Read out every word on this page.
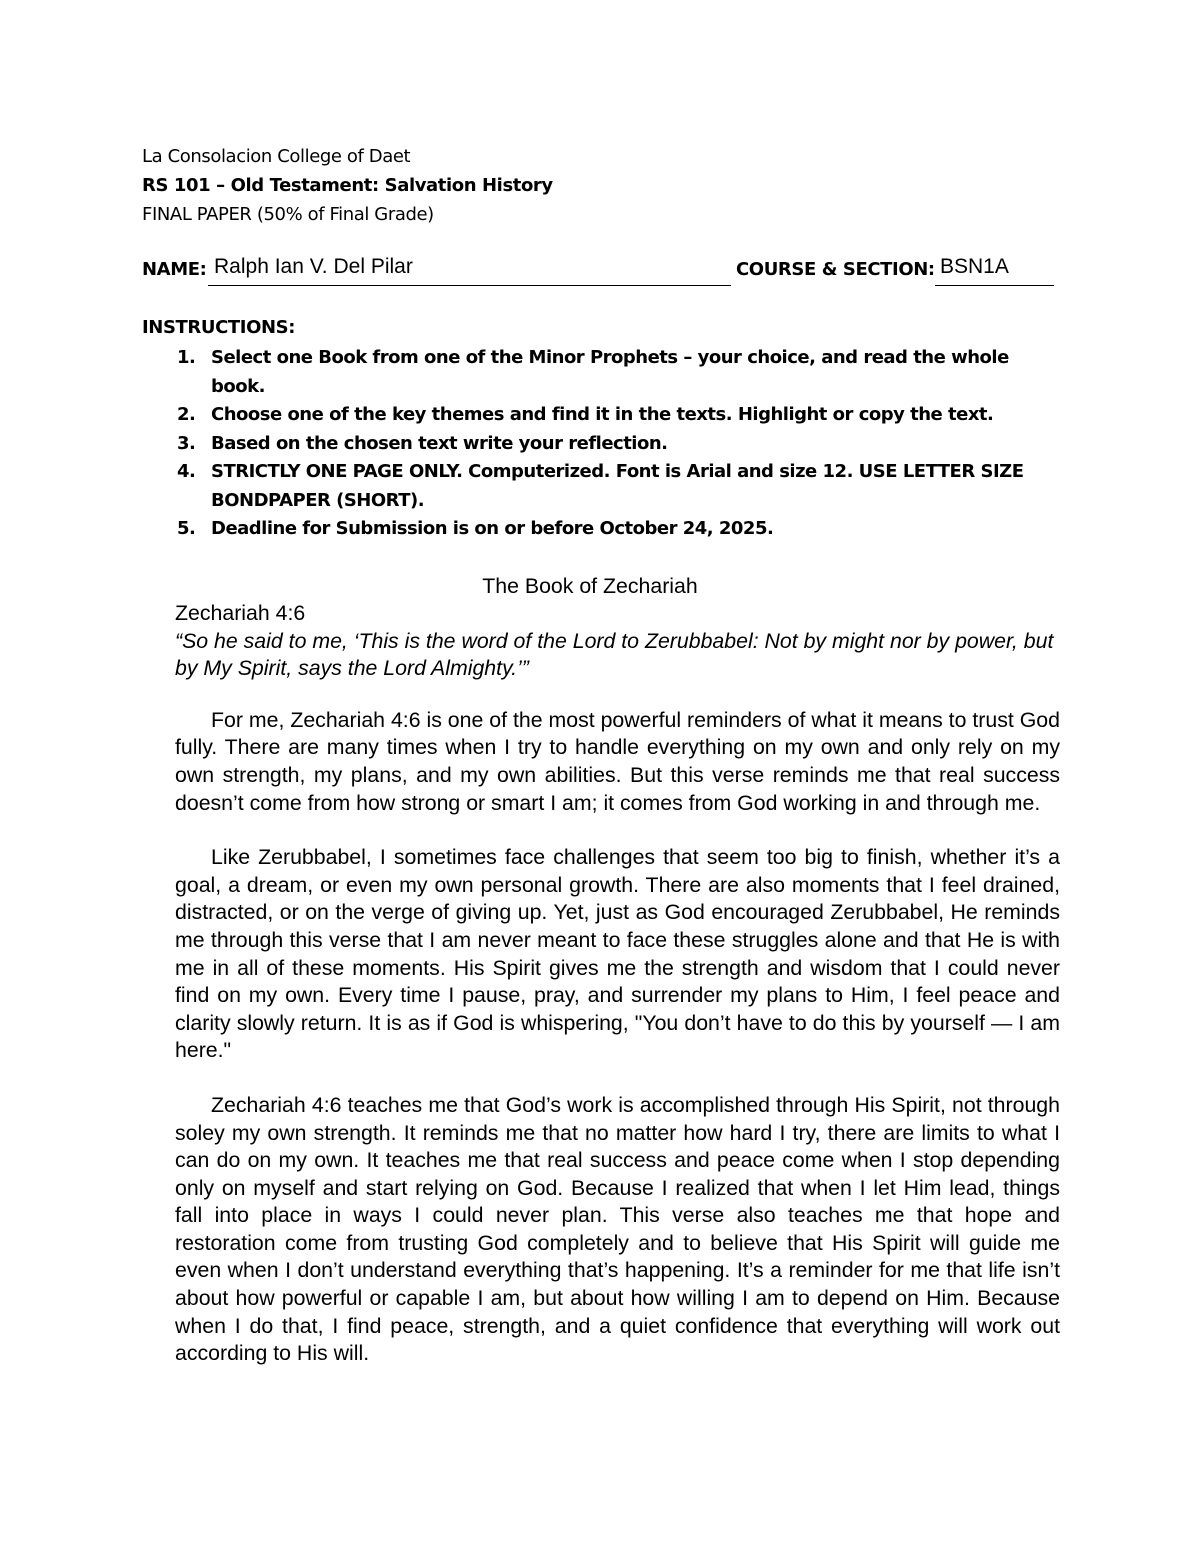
La Consolacion College of Daet
RS 101 – Old Testament: Salvation History
FINAL PAPER (50% of Final Grade)
NAME: Ralph Ian V. Del Pilar	COURSE & SECTION: BSN1A
INSTRUCTIONS:
1. Select one Book from one of the Minor Prophets – your choice, and read the whole book.
2. Choose one of the key themes and find it in the texts. Highlight or copy the text.
3. Based on the chosen text write your reflection.
4. STRICTLY ONE PAGE ONLY. Computerized. Font is Arial and size 12. USE LETTER SIZE BONDPAPER (SHORT).
5. Deadline for Submission is on or before October 24, 2025.
The Book of Zechariah
Zechariah 4:6
“So he said to me, ‘This is the word of the Lord to Zerubbabel: Not by might nor by power, but by My Spirit, says the Lord Almighty.’”

For me, Zechariah 4:6 is one of the most powerful reminders of what it means to trust God fully. There are many times when I try to handle everything on my own and only rely on my own strength, my plans, and my own abilities. But this verse reminds me that real success doesn’t come from how strong or smart I am; it comes from God working in and through me.

Like Zerubbabel, I sometimes face challenges that seem too big to finish, whether it’s a goal, a dream, or even my own personal growth. There are also moments that I feel drained, distracted, or on the verge of giving up. Yet, just as God encouraged Zerubbabel, He reminds me through this verse that I am never meant to face these struggles alone and that He is with me in all of these moments. His Spirit gives me the strength and wisdom that I could never find on my own. Every time I pause, pray, and surrender my plans to Him, I feel peace and clarity slowly return. It is as if God is whispering, "You don’t have to do this by yourself — I am here."

Zechariah 4:6 teaches me that God’s work is accomplished through His Spirit, not through soley my own strength. It reminds me that no matter how hard I try, there are limits to what I can do on my own. It teaches me that real success and peace come when I stop depending only on myself and start relying on God. Because I realized that when I let Him lead, things fall into place in ways I could never plan. This verse also teaches me that hope and restoration come from trusting God completely and to believe that His Spirit will guide me even when I don’t understand everything that’s happening. It’s a reminder for me that life isn’t about how powerful or capable I am, but about how willing I am to depend on Him. Because when I do that, I find peace, strength, and a quiet confidence that everything will work out according to His will.
